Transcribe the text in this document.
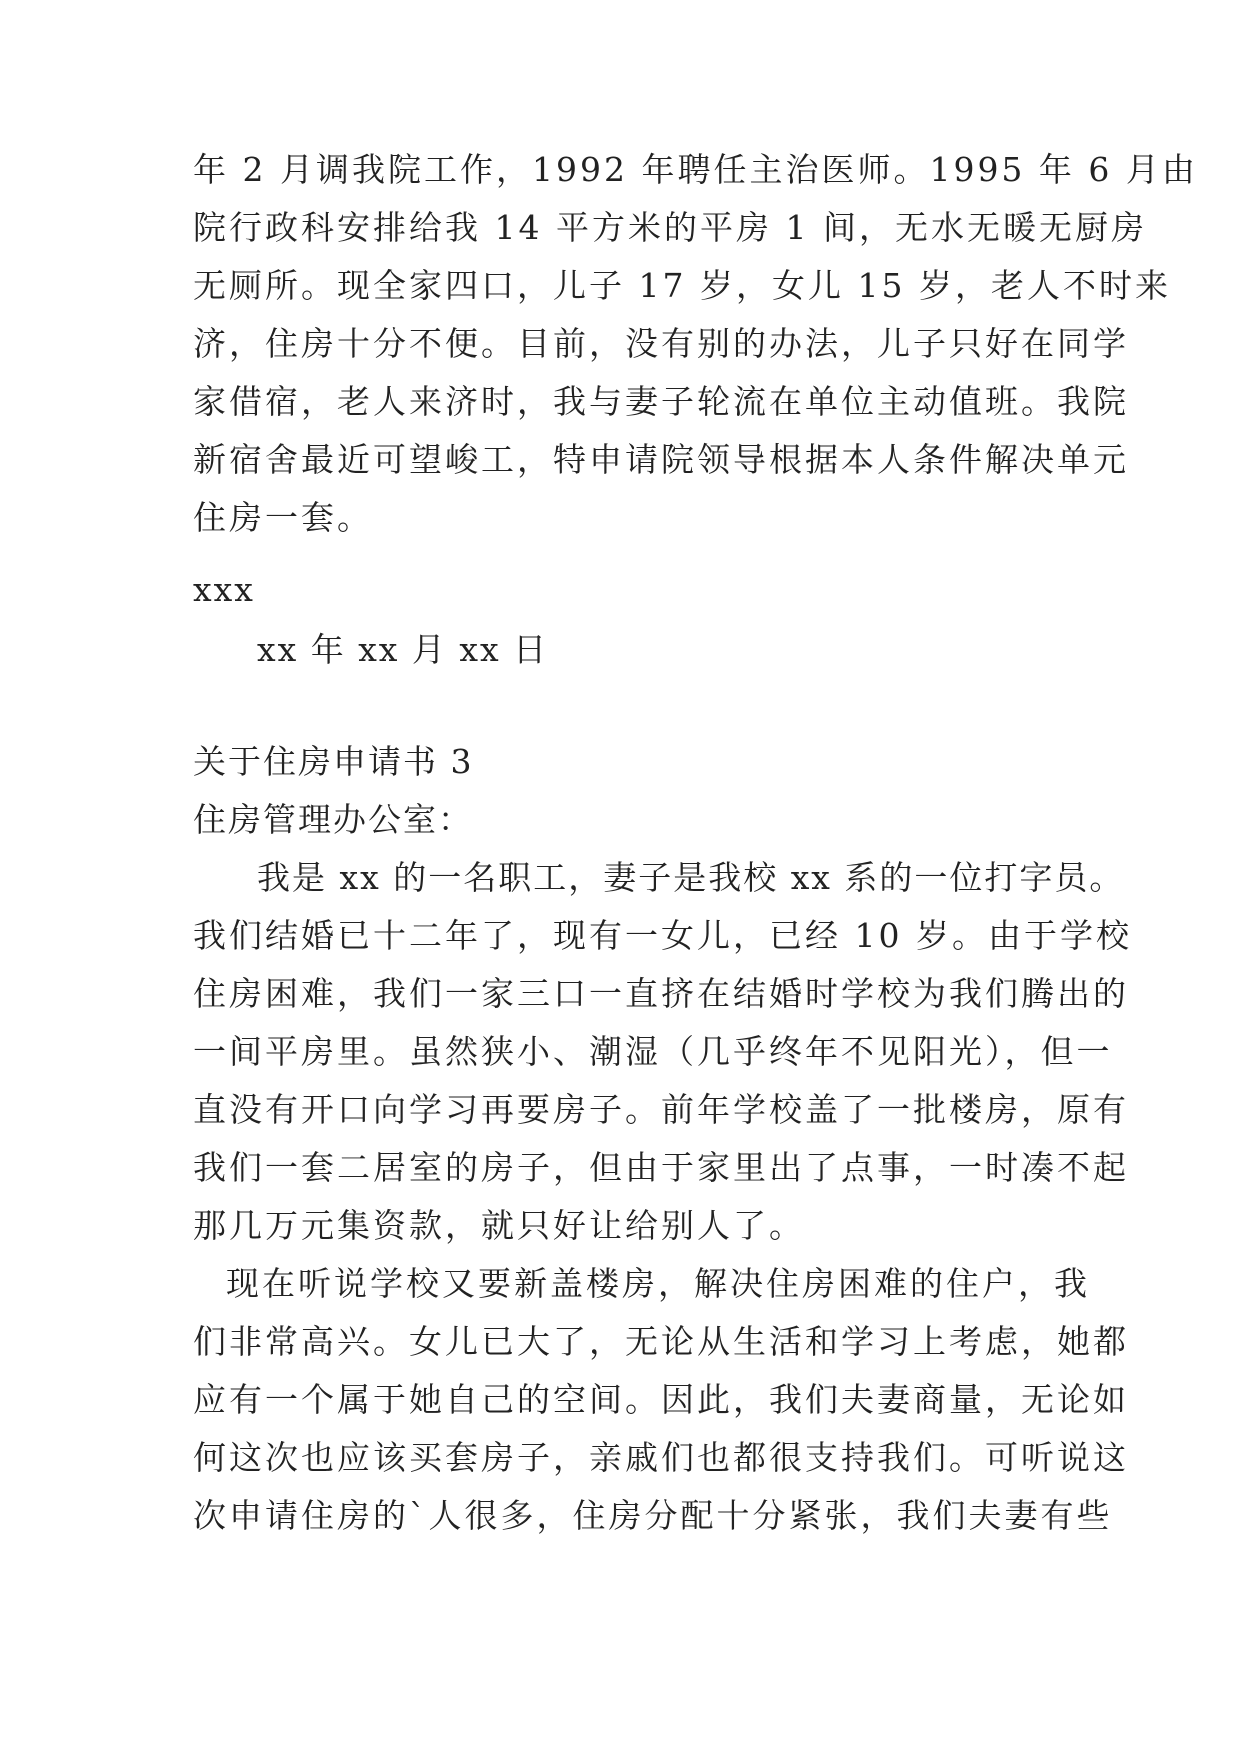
年 2 月调我院工作，1992 年聘任主治医师。1995 年 6 月由
院行政科安排给我 14 平方米的平房 1 间，无水无暖无厨房
无厕所。现全家四口，儿子 17 岁，女儿 15 岁，老人不时来
济，住房十分不便。目前，没有别的办法，儿子只好在同学
家借宿，老人来济时，我与妻子轮流在单位主动值班。我院
新宿舍最近可望峻工，特申请院领导根据本人条件解决单元
住房一套。
xxx
xx 年 xx 月 xx 日
关于住房申请书 3
住房管理办公室：
我是 xx 的一名职工，妻子是我校 xx 系的一位打字员。
我们结婚已十二年了，现有一女儿，已经 10 岁。由于学校
住房困难，我们一家三口一直挤在结婚时学校为我们腾出的
一间平房里。虽然狭小、潮湿（几乎终年不见阳光），但一
直没有开口向学习再要房子。前年学校盖了一批楼房，原有
我们一套二居室的房子，但由于家里出了点事，一时凑不起
那几万元集资款，就只好让给别人了。
现在听说学校又要新盖楼房，解决住房困难的住户，我
们非常高兴。女儿已大了，无论从生活和学习上考虑，她都
应有一个属于她自己的空间。因此，我们夫妻商量，无论如
何这次也应该买套房子，亲戚们也都很支持我们。可听说这
次申请住房的`人很多，住房分配十分紧张，我们夫妻有些
